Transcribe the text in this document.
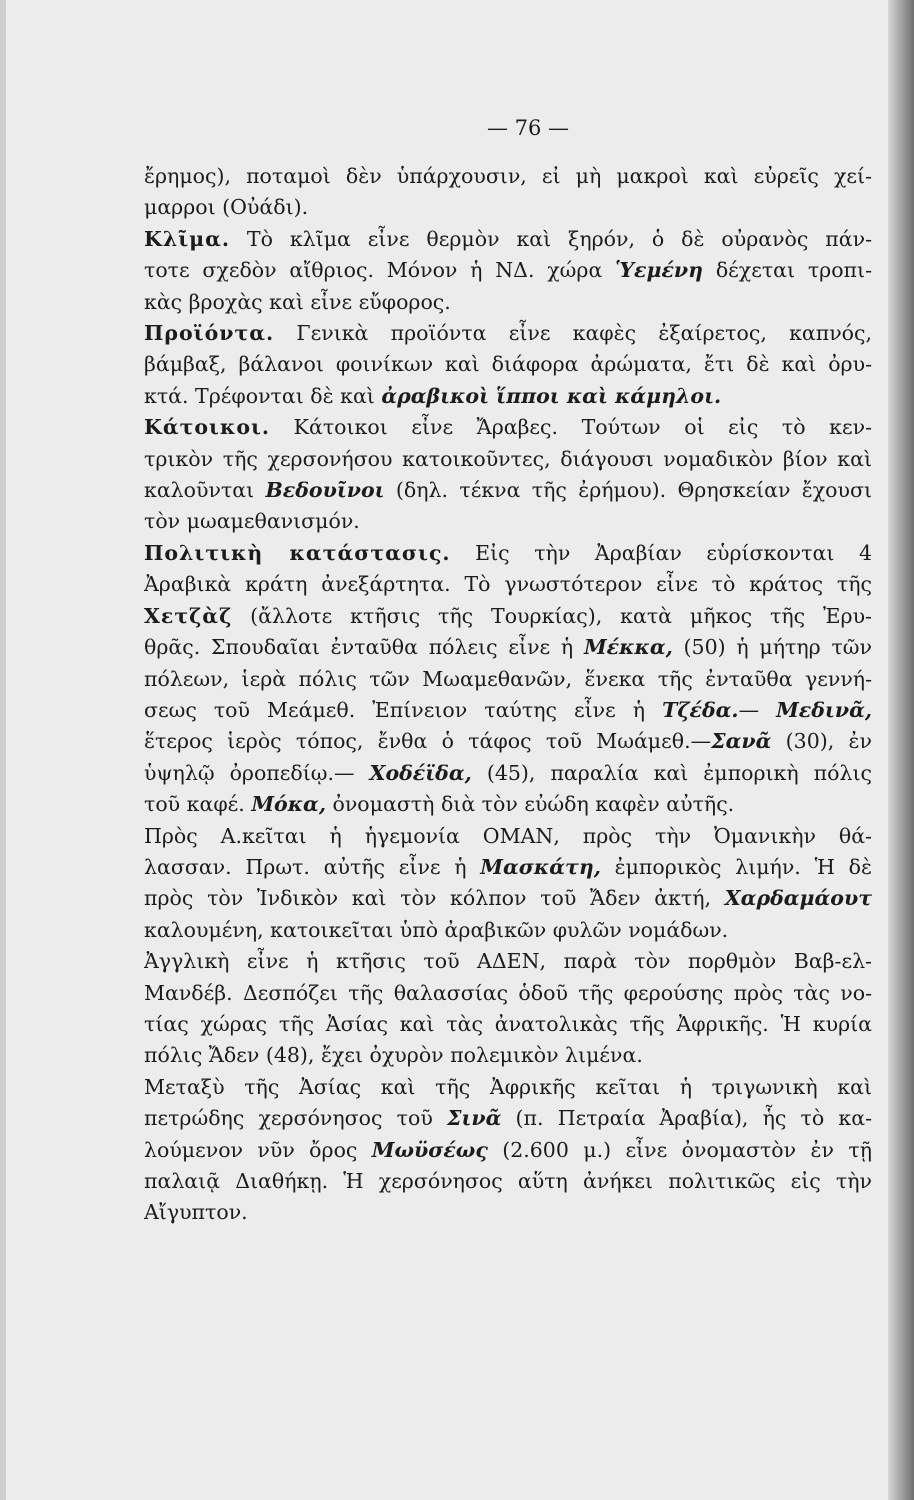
— 76 —
ἔρημος), ποταμοὶ δὲν ὑπάρχουσιν, εἰ μὴ μακροὶ καὶ εὐρεῖς χεί-
μαρροι (Οὐάδι).
Κλῖμα. Τὸ κλῖμα εἶνε θερμὸν καὶ ξηρόν, ὁ δὲ οὐρανὸς πάν-
τοτε σχεδὸν αἴθριος. Μόνον ἡ ΝΔ. χώρα Ὑεμένη δέχεται τροπι-
κὰς βροχὰς καὶ εἶνε εὔφορος.
Προϊόντα. Γενικὰ προϊόντα εἶνε καφὲς ἐξαίρετος, καπνός,
βάμβαξ, βάλανοι φοινίκων καὶ διάφορα ἀρώματα, ἔτι δὲ καὶ ὀρυ-
κτά. Τρέφονται δὲ καὶ ἀραβικοὶ ἵπποι καὶ κάμηλοι.
Κάτοικοι. Κάτοικοι εἶνε Ἄραβες. Τούτων οἱ εἰς τὸ κεν-
τρικὸν τῆς χερσονήσου κατοικοῦντες, διάγουσι νομαδικὸν βίον καὶ
καλοῦνται Βεδουῖνοι (δηλ. τέκνα τῆς ἐρήμου). Θρησκείαν ἔχουσι
τὸν μωαμεθανισμόν.
Πολιτικὴ κατάστασις. Εἰς τὴν Ἀραβίαν εὑρίσκονται 4
Ἀραβικὰ κράτη ἀνεξάρτητα. Τὸ γνωστότερον εἶνε τὸ κράτος τῆς
Χετζὰζ (ἄλλοτε κτῆσις τῆς Τουρκίας), κατὰ μῆκος τῆς Ἐρυ-
θρᾶς. Σπουδαῖαι ἐνταῦθα πόλεις εἶνε ἡ Μέκκα, (50) ἡ μήτηρ τῶν
πόλεων, ἱερὰ πόλις τῶν Μωαμεθανῶν, ἕνεκα τῆς ἐνταῦθα γεννή-
σεως τοῦ Μεάμεθ. Ἐπίνειον ταύτης εἶνε ἡ Τζέδα.— Μεδινᾶ,
ἕτερος ἱερὸς τόπος, ἔνθα ὁ τάφος τοῦ Μωάμεθ.—Σανᾶ (30), ἐν
ὑψηλῷ ὀροπεδίῳ.— Χοδέϊδα, (45), παραλία καὶ ἐμπορικὴ πόλις
τοῦ καφέ. Μόκα, ὀνομαστὴ διὰ τὸν εὐώδη καφὲν αὐτῆς.
Πρὸς Α.κεῖται ἡ ἡγεμονία ΟΜΑΝ, πρὸς τὴν Ὀμανικὴν θά-
λασσαν. Πρωτ. αὐτῆς εἶνε ἡ Μασκάτη, ἐμπορικὸς λιμήν. Ἡ δὲ
πρὸς τὸν Ἰνδικὸν καὶ τὸν κόλπον τοῦ Ἄδεν ἀκτή, Χαρδαμάουτ
καλουμένη, κατοικεῖται ὑπὸ ἀραβικῶν φυλῶν νομάδων.
Ἀγγλικὴ εἶνε ἡ κτῆσις τοῦ ΑΔΕΝ, παρὰ τὸν πορθμὸν Βαβ-ελ-
Μανδέβ. Δεσπόζει τῆς θαλασσίας ὁδοῦ τῆς φερούσης πρὸς τὰς νο-
τίας χώρας τῆς Ἀσίας καὶ τὰς ἀνατολικὰς τῆς Ἀφρικῆς. Ἡ κυρία
πόλις Ἄδεν (48), ἔχει ὀχυρὸν πολεμικὸν λιμένα.
Μεταξὺ τῆς Ἀσίας καὶ τῆς Ἀφρικῆς κεῖται ἡ τριγωνικὴ καὶ
πετρώδης χερσόνησος τοῦ Σινᾶ (π. Πετραία Ἀραβία), ἧς τὸ κα-
λούμενον νῦν ὄρος Μωϋσέως (2.600 μ.) εἶνε ὀνομαστὸν ἐν τῇ
παλαιᾷ Διαθήκῃ. Ἡ χερσόνησος αὕτη ἀνήκει πολιτικῶς εἰς τὴν
Αἴγυπτον.
